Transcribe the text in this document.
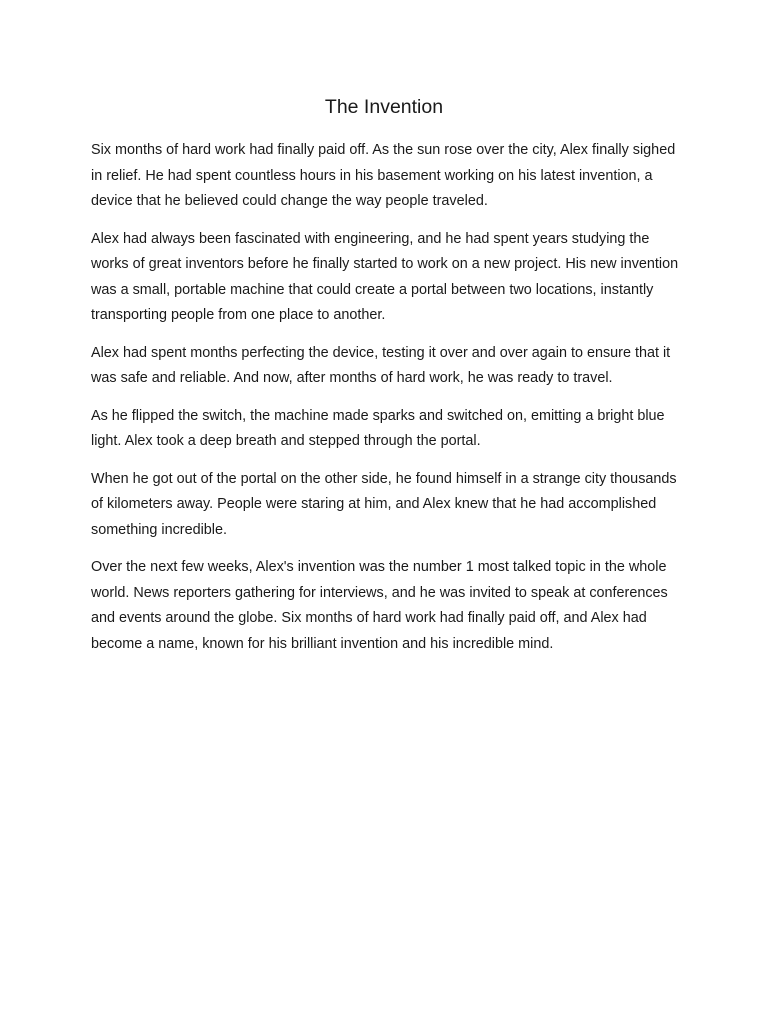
The Invention

Six months of hard work had finally paid off. As the sun rose over the city, Alex finally sighed in relief. He had spent countless hours in his basement working on his latest invention, a device that he believed could change the way people traveled.

Alex had always been fascinated with engineering, and he had spent years studying the works of great inventors before he finally started to work on a new project. His new invention was a small, portable machine that could create a portal between two locations, instantly transporting people from one place to another.

Alex had spent months perfecting the device, testing it over and over again to ensure that it was safe and reliable. And now, after months of hard work, he was ready to travel.

As he flipped the switch, the machine made sparks and switched on, emitting a bright blue light. Alex took a deep breath and stepped through the portal.

When he got out of the portal on the other side, he found himself in a strange city thousands of kilometers away. People were staring at him, and Alex knew that he had accomplished something incredible.

Over the next few weeks, Alex's invention was the number 1 most talked topic in the whole world. News reporters gathering for interviews, and he was invited to speak at conferences and events around the globe. Six months of hard work had finally paid off, and Alex had become a name, known for his brilliant invention and his incredible mind.
